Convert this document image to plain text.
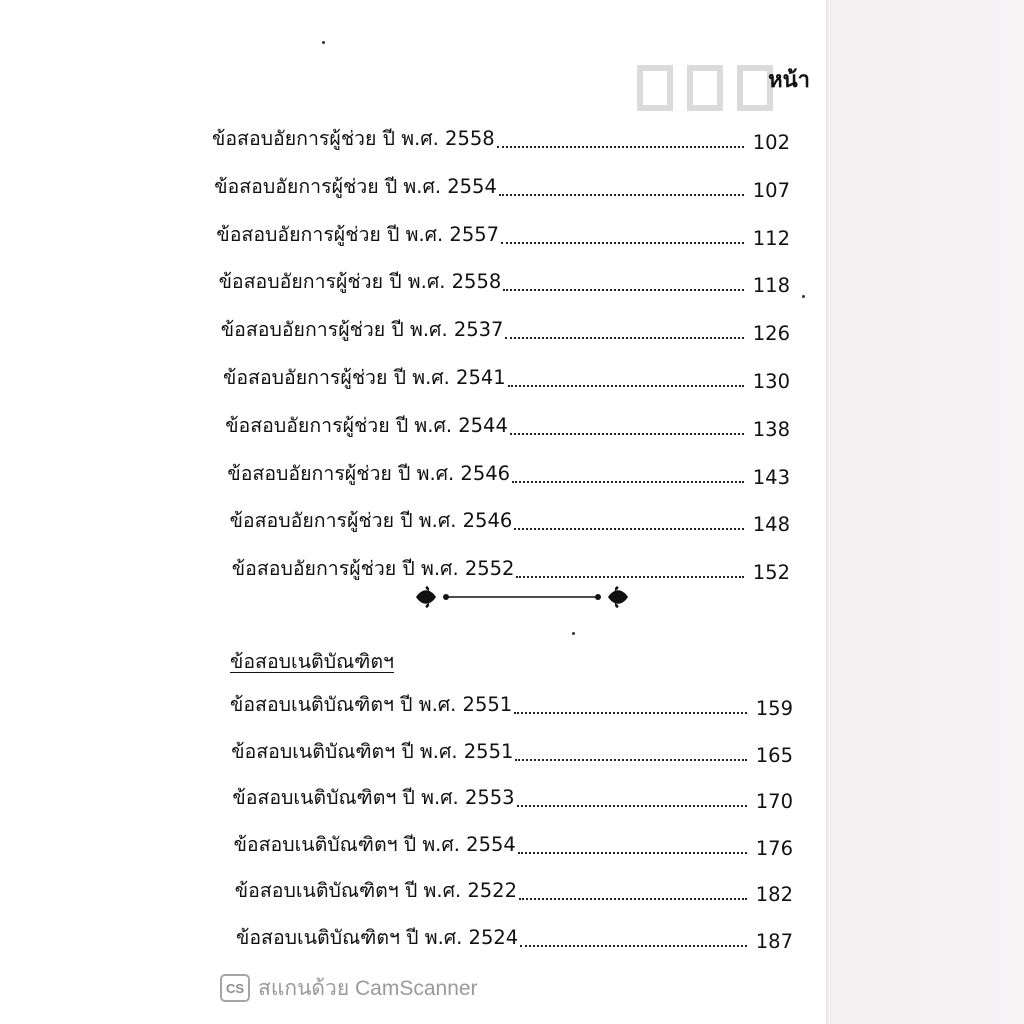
หน้า
ข้อสอบอัยการผู้ช่วย ปี พ.ศ. 2558	102
ข้อสอบอัยการผู้ช่วย ปี พ.ศ. 2554	107
ข้อสอบอัยการผู้ช่วย ปี พ.ศ. 2557	112
ข้อสอบอัยการผู้ช่วย ปี พ.ศ. 2558	118
ข้อสอบอัยการผู้ช่วย ปี พ.ศ. 2537	126
ข้อสอบอัยการผู้ช่วย ปี พ.ศ. 2541	130
ข้อสอบอัยการผู้ช่วย ปี พ.ศ. 2544	138
ข้อสอบอัยการผู้ช่วย ปี พ.ศ. 2546	143
ข้อสอบอัยการผู้ช่วย ปี พ.ศ. 2546	148
ข้อสอบอัยการผู้ช่วย ปี พ.ศ. 2552	152
ข้อสอบเนติบัณฑิตฯ
ข้อสอบเนติบัณฑิตฯ ปี พ.ศ. 2551	159
ข้อสอบเนติบัณฑิตฯ ปี พ.ศ. 2551	165
ข้อสอบเนติบัณฑิตฯ ปี พ.ศ. 2553	170
ข้อสอบเนติบัณฑิตฯ ปี พ.ศ. 2554	176
ข้อสอบเนติบัณฑิตฯ ปี พ.ศ. 2522	182
ข้อสอบเนติบัณฑิตฯ ปี พ.ศ. 2524	187
CS สแกนด้วย CamScanner
